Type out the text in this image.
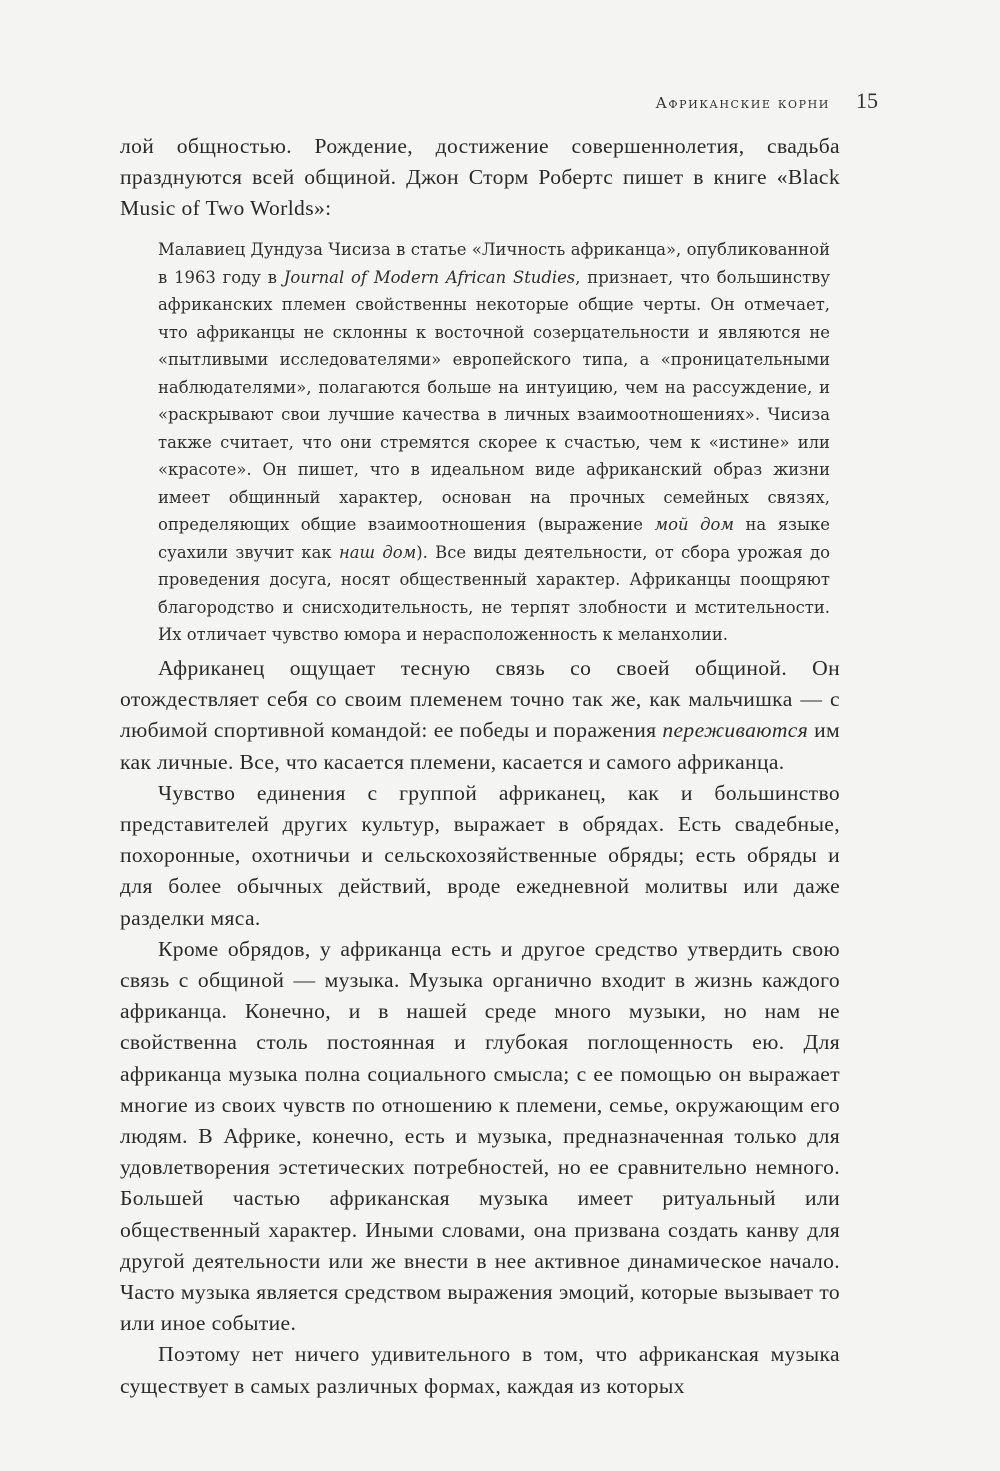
Африканские корни 15

лой общностью. Рождение, достижение совершеннолетия, свадьба празднуются всей общиной. Джон Сторм Робертс пишет в книге «Black Music of Two Worlds»:

Малавиец Дундуза Чисиза в статье «Личность африканца», опубликованной в 1963 году в Journal of Modern African Studies, признает, что большинству африканских племен свойственны некоторые общие черты. Он отмечает, что африканцы не склонны к восточной созерцательности и являются не «пытливыми исследователями» европейского типа, а «проницательными наблюдателями», полагаются больше на интуицию, чем на рассуждение, и «раскрывают свои лучшие качества в личных взаимоотношениях». Чисиза также считает, что они стремятся скорее к счастью, чем к «истине» или «красоте». Он пишет, что в идеальном виде африканский образ жизни имеет общинный характер, основан на прочных семейных связях, определяющих общие взаимоотношения (выражение мой дом на языке суахили звучит как наш дом). Все виды деятельности, от сбора урожая до проведения досуга, носят общественный характер. Африканцы поощряют благородство и снисходительность, не терпят злобности и мстительности. Их отличает чувство юмора и нерасположенность к меланхолии.

Африканец ощущает тесную связь со своей общиной. Он отождествляет себя со своим племенем точно так же, как мальчишка — с любимой спортивной командой: ее победы и поражения переживаются им как личные. Все, что касается племени, касается и самого африканца.

Чувство единения с группой африканец, как и большинство представителей других культур, выражает в обрядах. Есть свадебные, похоронные, охотничьи и сельскохозяйственные обряды; есть обряды и для более обычных действий, вроде ежедневной молитвы или даже разделки мяса.

Кроме обрядов, у африканца есть и другое средство утвердить свою связь с общиной — музыка. Музыка органично входит в жизнь каждого африканца. Конечно, и в нашей среде много музыки, но нам не свойственна столь постоянная и глубокая поглощенность ею. Для африканца музыка полна социального смысла; с ее помощью он выражает многие из своих чувств по отношению к племени, семье, окружающим его людям. В Африке, конечно, есть и музыка, предназначенная только для удовлетворения эстетических потребностей, но ее сравнительно немного. Большей частью африканская музыка имеет ритуальный или общественный характер. Иными словами, она призвана создать канву для другой деятельности или же внести в нее активное динамическое начало. Часто музыка является средством выражения эмоций, которые вызывает то или иное событие.

Поэтому нет ничего удивительного в том, что африканская музыка существует в самых различных формах, каждая из которых
